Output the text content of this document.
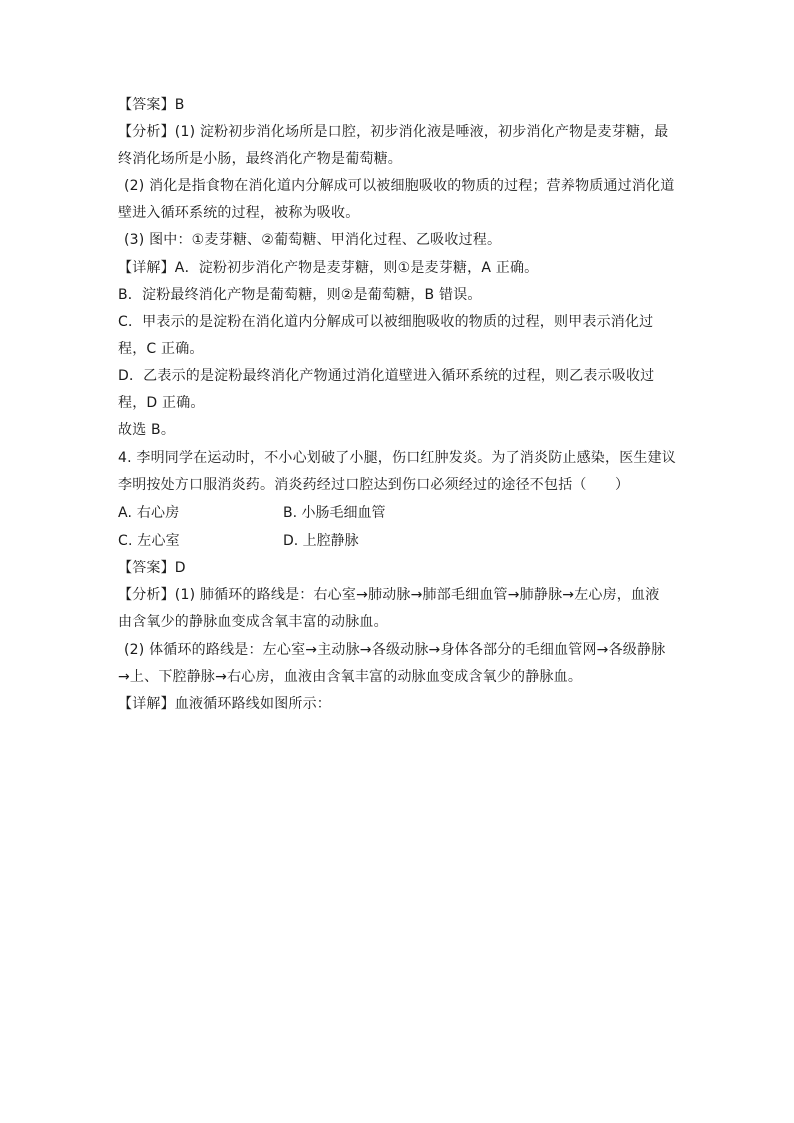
【答案】B
【分析】(1) 淀粉初步消化场所是口腔，初步消化液是唾液，初步消化产物是麦芽糖，最
终消化场所是小肠，最终消化产物是葡萄糖。
(2) 消化是指食物在消化道内分解成可以被细胞吸收的物质的过程；营养物质通过消化道
壁进入循环系统的过程，被称为吸收。
(3) 图中：①麦芽糖、②葡萄糖、甲消化过程、乙吸收过程。
【详解】A．淀粉初步消化产物是麦芽糖，则①是麦芽糖，A 正确。
B．淀粉最终消化产物是葡萄糖，则②是葡萄糖，B 错误。
C．甲表示的是淀粉在消化道内分解成可以被细胞吸收的物质的过程，则甲表示消化过
程，C 正确。
D．乙表示的是淀粉最终消化产物通过消化道壁进入循环系统的过程，则乙表示吸收过
程，D 正确。
故选 B。
4. 李明同学在运动时，不小心划破了小腿，伤口红肿发炎。为了消炎防止感染，医生建议
李明按处方口服消炎药。消炎药经过口腔达到伤口必须经过的途径不包括（　　）
A. 右心房	B. 小肠毛细血管
C. 左心室	D. 上腔静脉
【答案】D
【分析】(1) 肺循环的路线是：右心室→肺动脉→肺部毛细血管→肺静脉→左心房，血液
由含氧少的静脉血变成含氧丰富的动脉血。
(2) 体循环的路线是：左心室→主动脉→各级动脉→身体各部分的毛细血管网→各级静脉
→上、下腔静脉→右心房，血液由含氧丰富的动脉血变成含氧少的静脉血。
【详解】血液循环路线如图所示：
